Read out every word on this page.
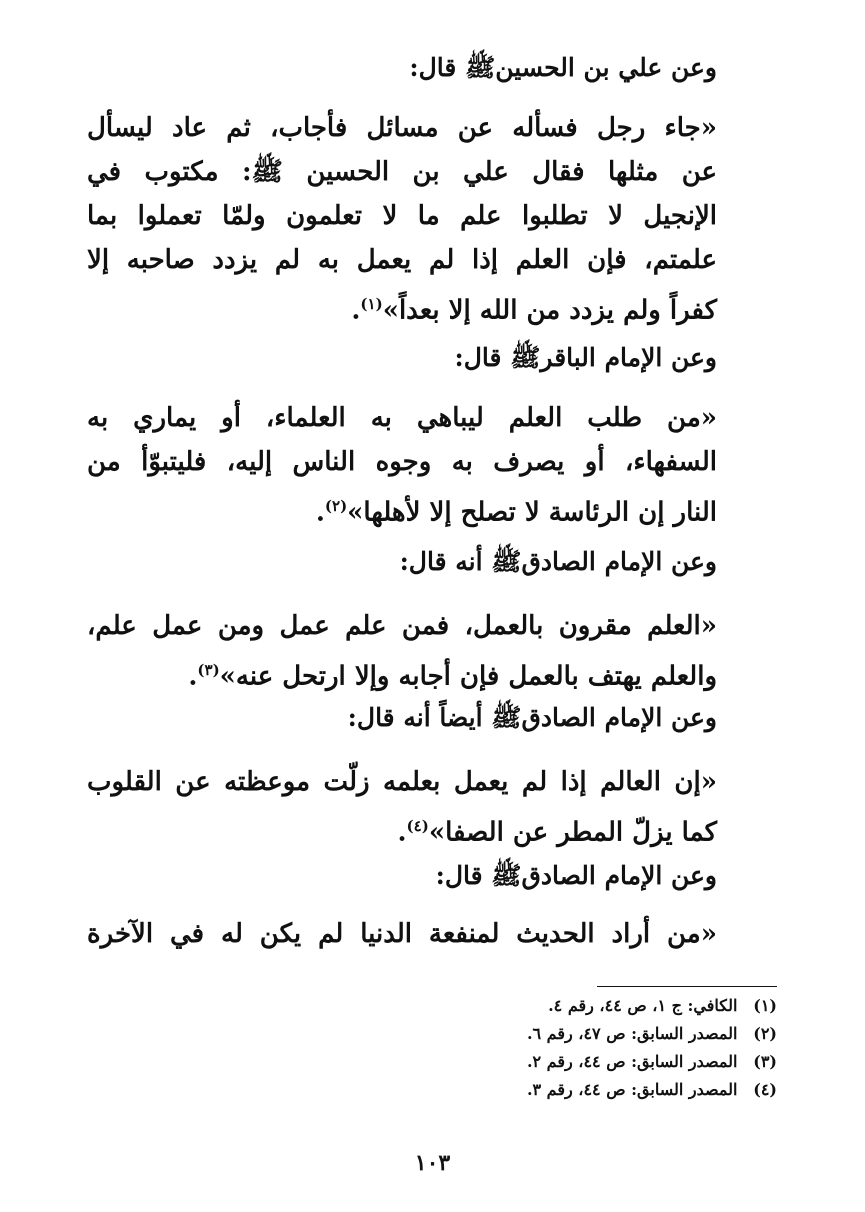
وعن علي بن الحسينﷺ قال:
«جاء رجل فسأله عن مسائل فأجاب، ثم عاد ليسأل
عن مثلها فقال علي بن الحسين ﷺ: مكتوب في
الإنجيل لا تطلبوا علم ما لا تعلمون ولمّا تعملوا بما
علمتم، فإن العلم إذا لم يعمل به لم يزدد صاحبه إلا
كفراً ولم يزدد من الله إلا بعداً»$^{(١)}$.
وعن الإمام الباقرﷺ قال:
«من طلب العلم ليباهي به العلماء، أو يماري به
السفهاء، أو يصرف به وجوه الناس إليه، فليتبوّأ من
النار إن الرئاسة لا تصلح إلا لأهلها»$^{(٢)}$.
وعن الإمام الصادقﷺ أنه قال:
«العلم مقرون بالعمل، فمن علم عمل ومن عمل علم،
والعلم يهتف بالعمل فإن أجابه وإلا ارتحل عنه»$^{(٣)}$.
وعن الإمام الصادقﷺ أيضاً أنه قال:
«إن العالم إذا لم يعمل بعلمه زلّت موعظته عن القلوب
كما يزلّ المطر عن الصفا»$^{(٤)}$.
وعن الإمام الصادقﷺ قال:
«من أراد الحديث لمنفعة الدنيا لم يكن له في الآخرة
(١) الكافي: ج ١، ص ٤٤، رقم ٤.
(٢) المصدر السابق: ص ٤٧، رقم ٦.
(٣) المصدر السابق: ص ٤٤، رقم ٢.
(٤) المصدر السابق: ص ٤٤، رقم ٣.
١٠٣
